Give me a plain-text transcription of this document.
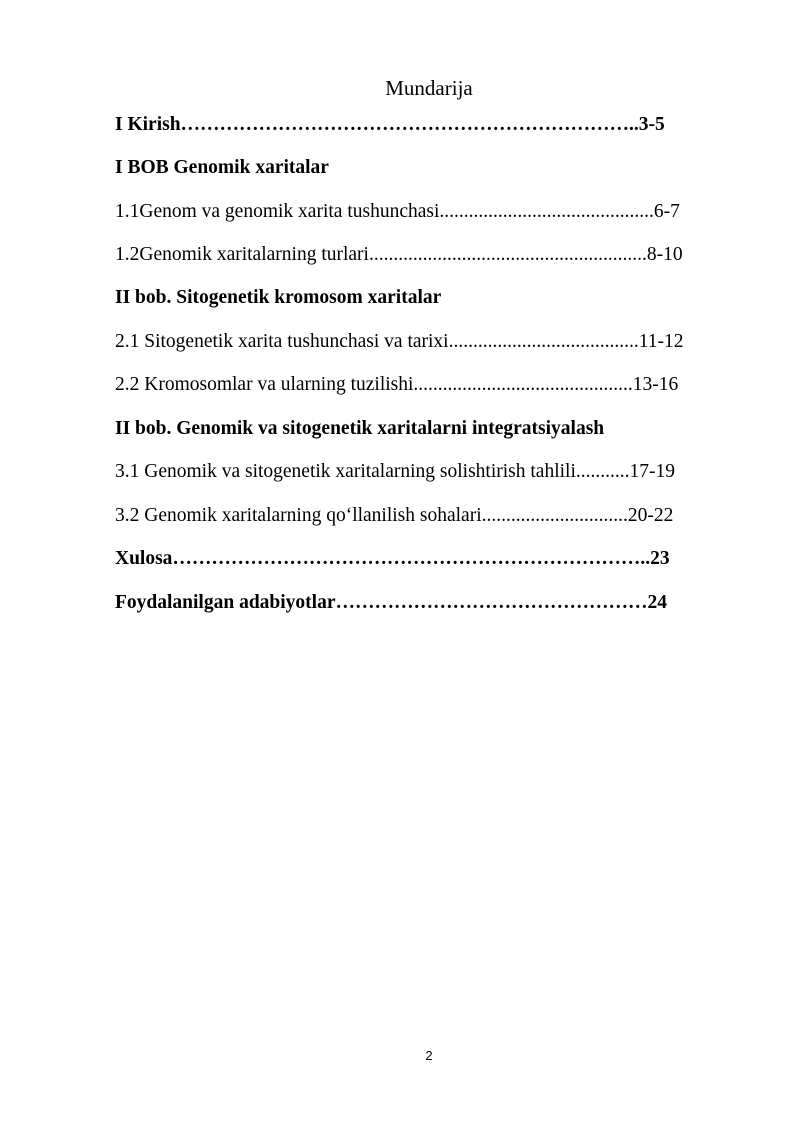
Mundarija

I Kirish……………………………………………………………..3-5

I BOB Genomik xaritalar

1.1Genom va genomik xarita tushunchasi............................................6-7

1.2Genomik xaritalarning turlari.........................................................8-10

II bob. Sitogenetik kromosom xaritalar

2.1 Sitogenetik xarita tushunchasi va tarixi.......................................11-12

2.2 Kromosomlar va ularning tuzilishi.............................................13-16

II bob. Genomik va sitogenetik xaritalarni integratsiyalash

3.1 Genomik va sitogenetik xaritalarning solishtirish tahlili...........17-19

3.2 Genomik xaritalarning qo‘llanilish sohalari..............................20-22

Xulosa………………………………………………………………..23

Foydalanilgan adabiyotlar…………………………………………24

2
